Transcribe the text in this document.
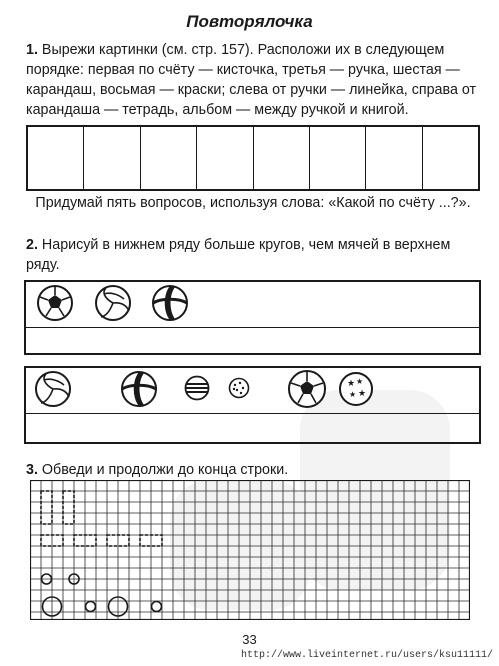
Повторялочка

1. Вырежи картинки (см. стр. 157). Расположи их в следующем порядке: первая по счёту — кисточка, третья — ручка, шестая — карандаш, восьмая — краски; слева от ручки — линейка, справа от карандаша — тетрадь, альбом — между ручкой и книгой.

Придумай пять вопросов, используя слова: «Какой по счёту ...?».

2. Нарисуй в нижнем ряду больше кругов, чем мячей в верхнем ряду.

★ ★
★ ★

3. Обведи и продолжи до конца строки.

33
http://www.liveinternet.ru/users/ksu11111/
